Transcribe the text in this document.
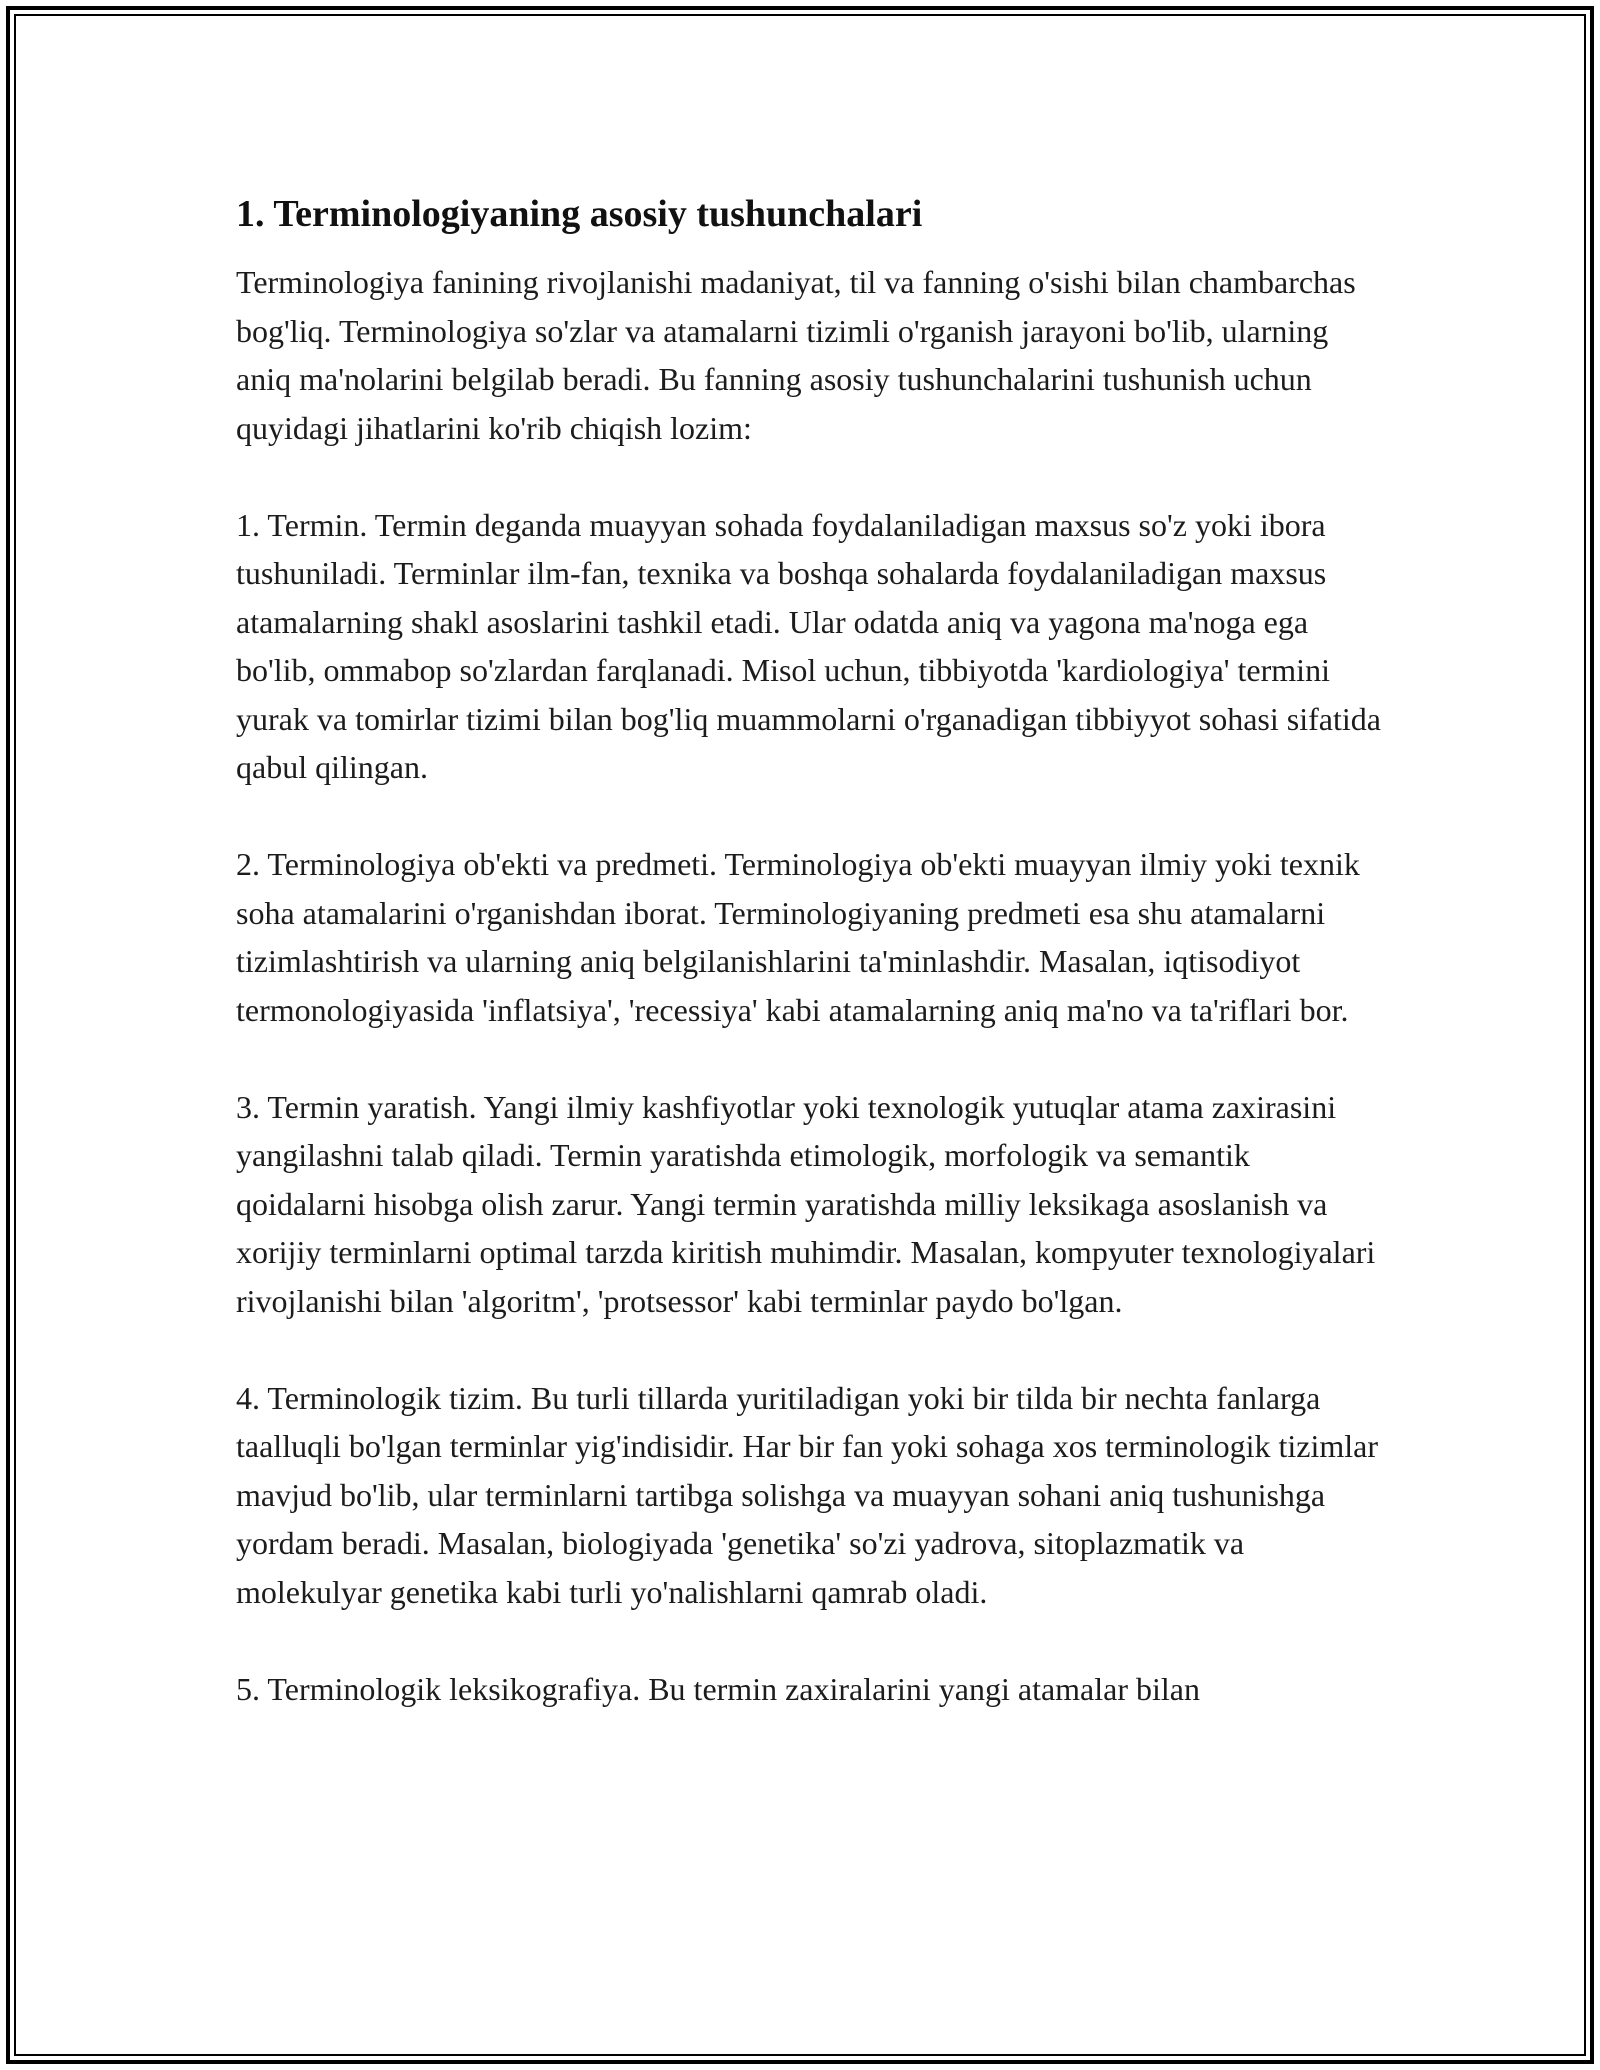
1. Terminologiyaning asosiy tushunchalari

Terminologiya fanining rivojlanishi madaniyat, til va fanning o'sishi bilan chambarchas bog'liq. Terminologiya so'zlar va atamalarni tizimli o'rganish jarayoni bo'lib, ularning aniq ma'nolarini belgilab beradi. Bu fanning asosiy tushunchalarini tushunish uchun quyidagi jihatlarini ko'rib chiqish lozim:

1. Termin. Termin deganda muayyan sohada foydalaniladigan maxsus so'z yoki ibora tushuniladi. Terminlar ilm-fan, texnika va boshqa sohalarda foydalaniladigan maxsus atamalarning shakl asoslarini tashkil etadi. Ular odatda aniq va yagona ma'noga ega bo'lib, ommabop so'zlardan farqlanadi. Misol uchun, tibbiyotda 'kardiologiya' termini yurak va tomirlar tizimi bilan bog'liq muammolarni o'rganadigan tibbiyyot sohasi sifatida qabul qilingan.

2. Terminologiya ob'ekti va predmeti. Terminologiya ob'ekti muayyan ilmiy yoki texnik soha atamalarini o'rganishdan iborat. Terminologiyaning predmeti esa shu atamalarni tizimlashtirish va ularning aniq belgilanishlarini ta'minlashdir. Masalan, iqtisodiyot termonologiyasida 'inflatsiya', 'recessiya' kabi atamalarning aniq ma'no va ta'riflari bor.

3. Termin yaratish. Yangi ilmiy kashfiyotlar yoki texnologik yutuqlar atama zaxirasini yangilashni talab qiladi. Termin yaratishda etimologik, morfologik va semantik qoidalarni hisobga olish zarur. Yangi termin yaratishda milliy leksikaga asoslanish va xorijiy terminlarni optimal tarzda kiritish muhimdir. Masalan, kompyuter texnologiyalari rivojlanishi bilan 'algoritm', 'protsessor' kabi terminlar paydo bo'lgan.

4. Terminologik tizim. Bu turli tillarda yuritiladigan yoki bir tilda bir nechta fanlarga taalluqli bo'lgan terminlar yig'indisidir. Har bir fan yoki sohaga xos terminologik tizimlar mavjud bo'lib, ular terminlarni tartibga solishga va muayyan sohani aniq tushunishga yordam beradi. Masalan, biologiyada 'genetika' so'zi yadrova, sitoplazmatik va molekulyar genetika kabi turli yo'nalishlarni qamrab oladi.

5. Terminologik leksikografiya. Bu termin zaxiralarini yangi atamalar bilan
